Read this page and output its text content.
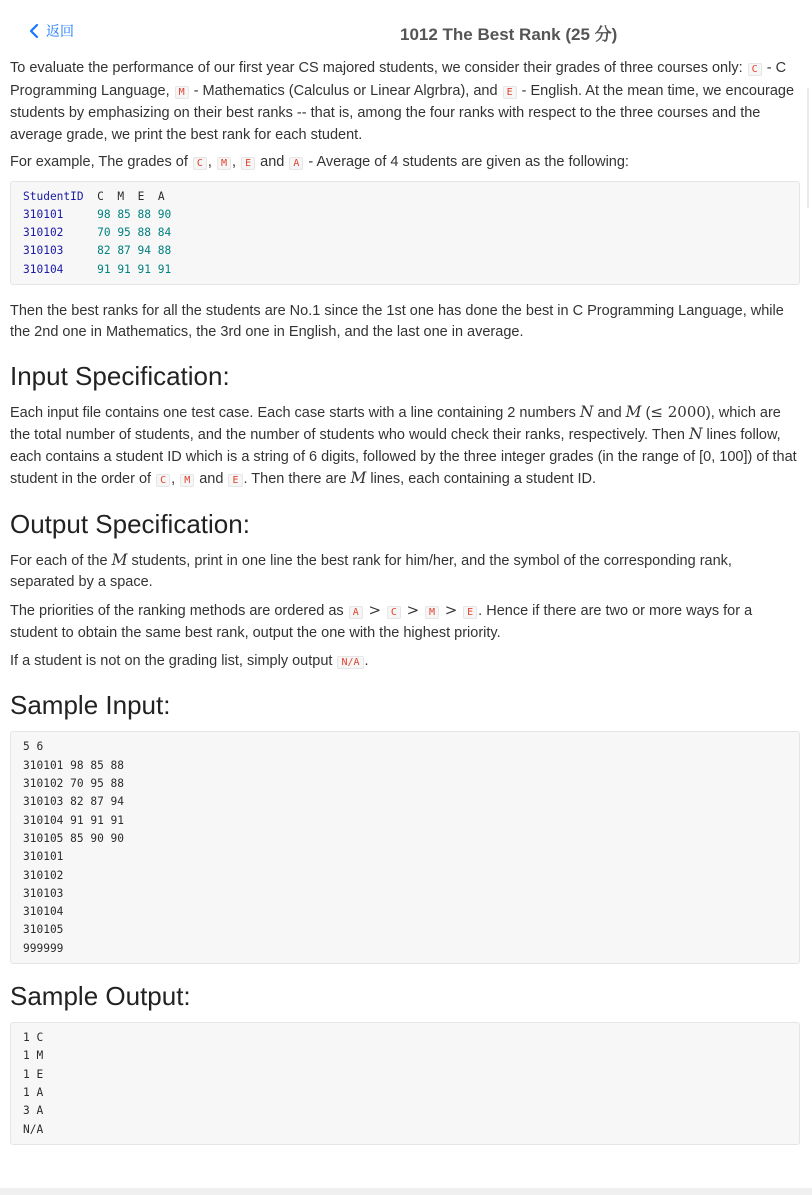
返回	1012 The Best Rank (25 分)

To evaluate the performance of our first year CS majored students, we consider their grades of three courses only: C - C Programming Language, M - Mathematics (Calculus or Linear Algrbra), and E - English. At the mean time, we encourage students by emphasizing on their best ranks -- that is, among the four ranks with respect to the three courses and the average grade, we print the best rank for each student.

For example, The grades of C , M , E and A - Average of 4 students are given as the following:

StudentID C M E A
310101	98 85 88 90
310102	70 95 88 84
310103	82 87 94 88
310104	91 91 91 91

Then the best ranks for all the students are No.1 since the 1st one has done the best in C Programming Language, while the 2nd one in Mathematics, the 3rd one in English, and the last one in average.

Input Specification:

Each input file contains one test case. Each case starts with a line containing 2 numbers N and M (≤ 2000), which are the total number of students, and the number of students who would check their ranks, respectively. Then N lines follow, each contains a student ID which is a string of 6 digits, followed by the three integer grades (in the range of [0, 100]) of that student in the order of C , M and E . Then there are M lines, each containing a student ID.

Output Specification:

For each of the M students, print in one line the best rank for him/her, and the symbol of the corresponding rank, separated by a space.

The priorities of the ranking methods are ordered as A > C > M > E . Hence if there are two or more ways for a student to obtain the same best rank, output the one with the highest priority.

If a student is not on the grading list, simply output N/A .

Sample Input:
5 6
310101 98 85 88
310102 70 95 88
310103 82 87 94
310104 91 91 91
310105 85 90 90
310101
310102
310103
310104
310105
999999
Sample Output:
1 C
1 M
1 E
1 A
3 A
N/A
